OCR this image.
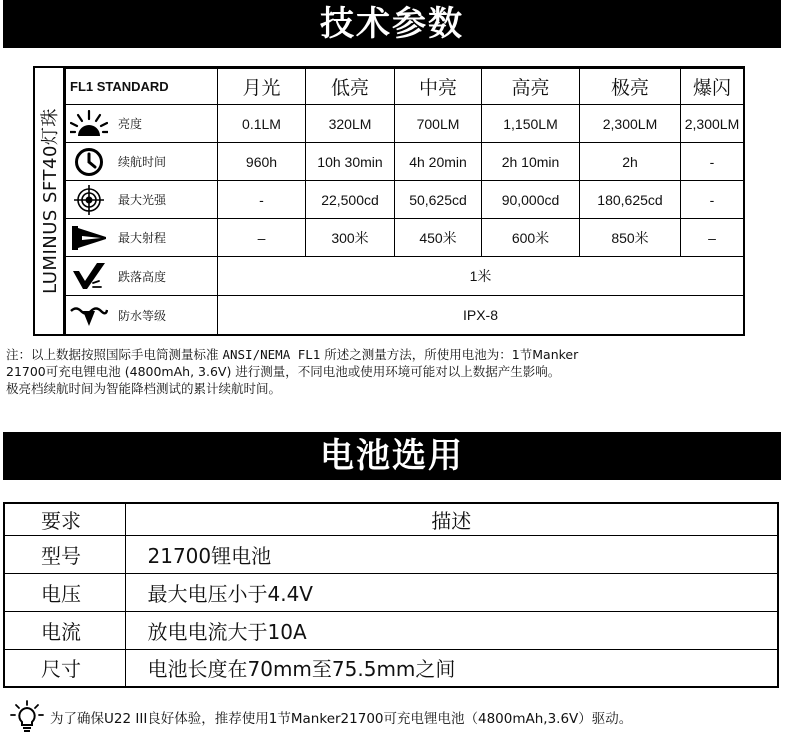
技术参数
LUMINUS SFT40灯珠
FL1 STANDARD	月光	低亮	中亮	高亮	极亮	爆闪

亮度	0.1LM	320LM	700LM	1,150LM	2,300LM	2,300LM

续航时间	960h	10h 30min	4h 20min	2h 10min	2h	-

最大光强	-	22,500cd	50,625cd	90,000cd	180,625cd	-

最大射程	–	300米	450米	600米	850米	–

跌落高度	1米					

防水等级	IPX-8					
注：以上数据按照国际手电筒测量标准 ANSI/NEMA FL1 所述之测量方法，所使用电池为：1节Manker
21700可充电锂电池 (4800mAh, 3.6V) 进行测量，不同电池或使用环境可能对以上数据产生影响。
极亮档续航时间为智能降档测试的累计续航时间。
电池选用
要求	描述
型号	21700锂电池
电压	最大电压小于4.4V
电流	放电电流大于10A
尺寸	电池长度在70mm至75.5mm之间
为了确保U22 III良好体验，推荐使用1节Manker21700可充电锂电池（4800mAh,3.6V）驱动。
